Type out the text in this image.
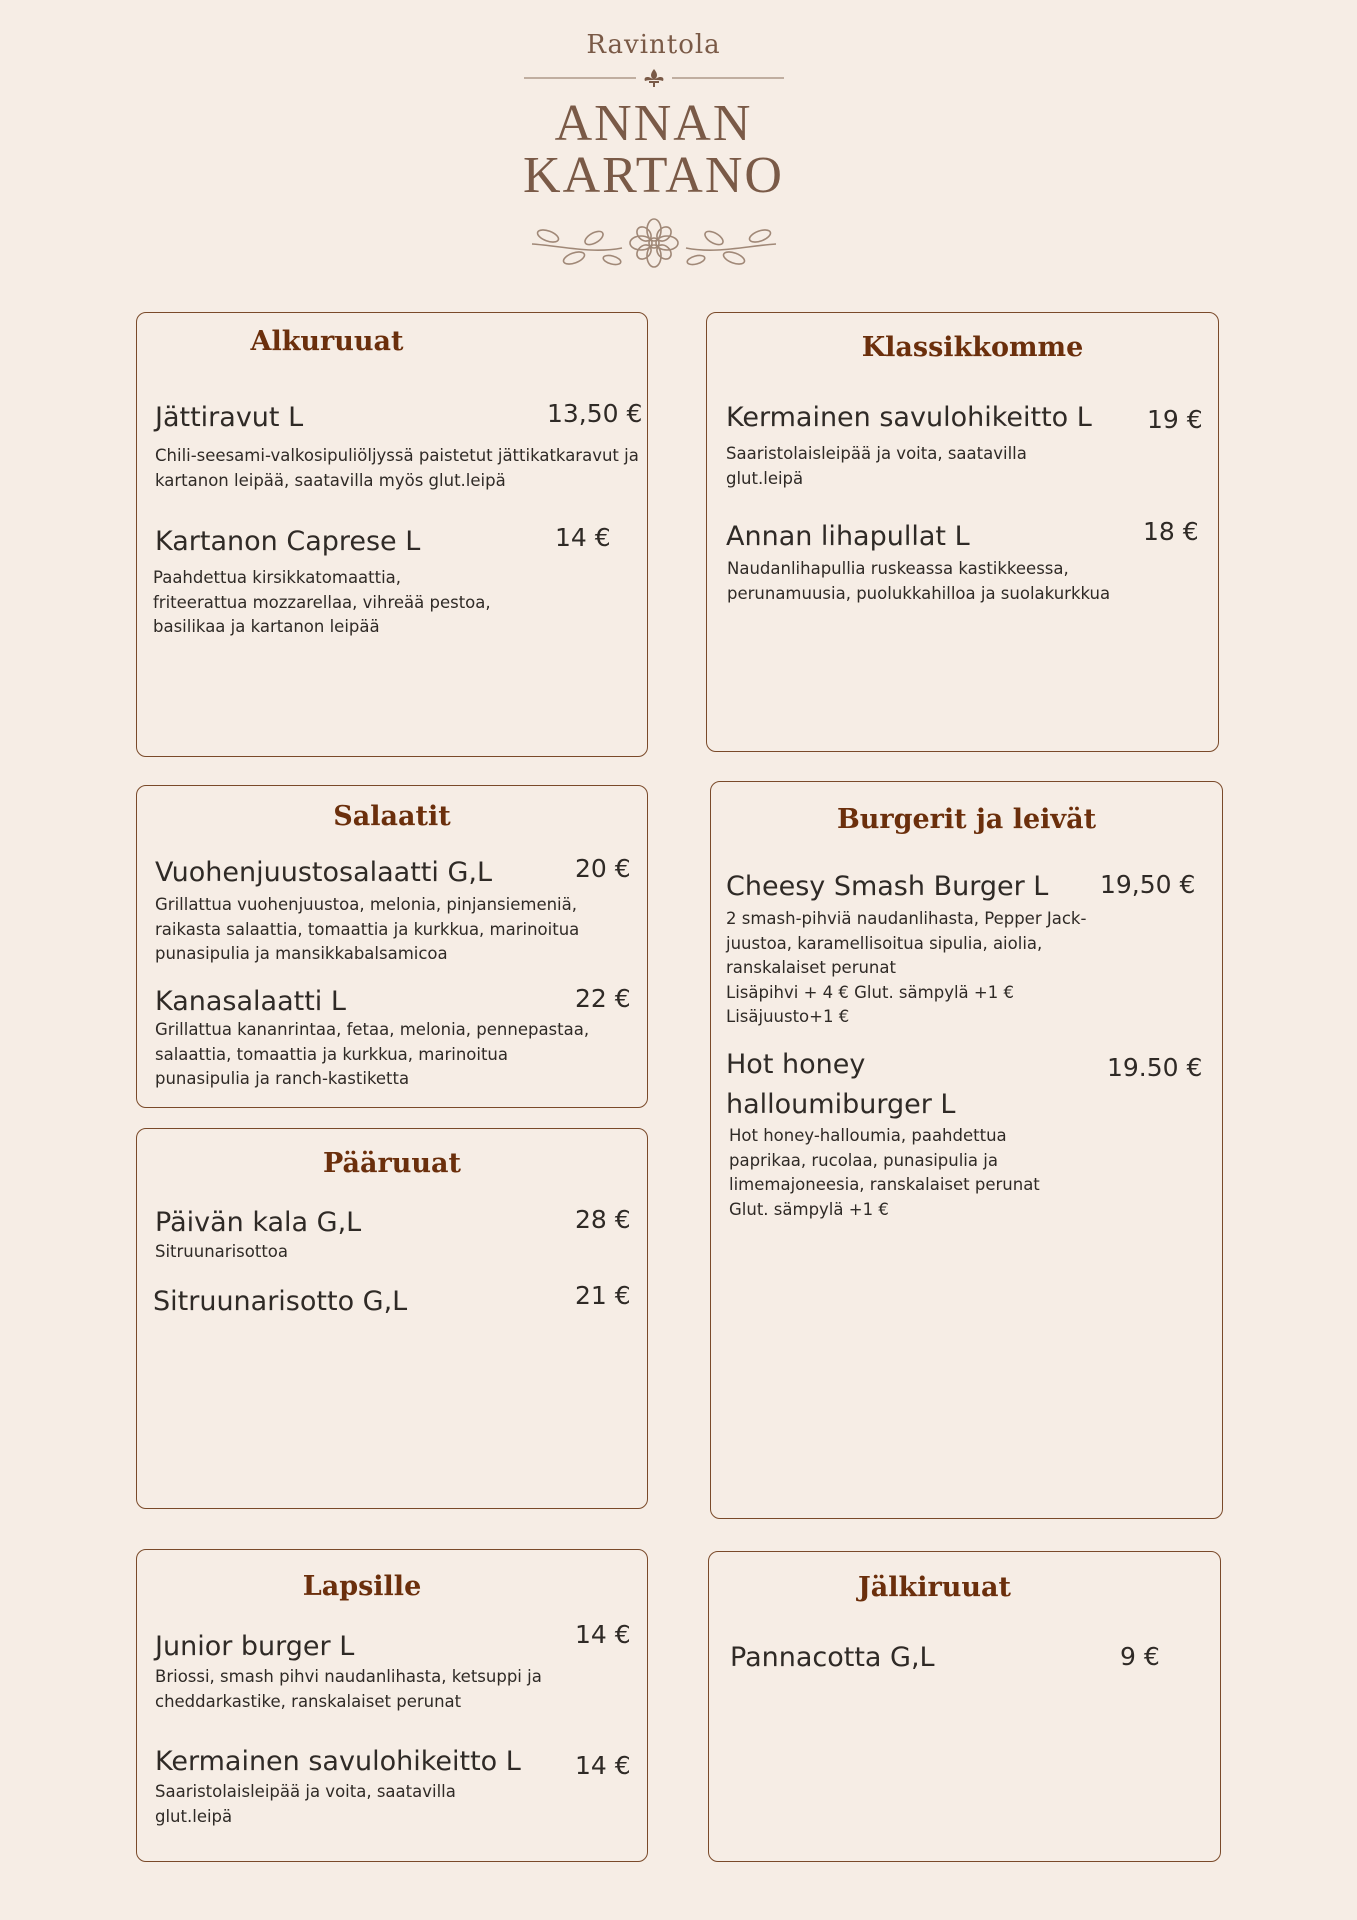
Ravintola
ANNAN
KARTANO
Alkuruuat
Jättiravut L	13,50 €
Chili-seesami-valkosipuliöljyssä paistetut jättikatkaravut ja
kartanon leipää, saatavilla myös glut.leipä
Kartanon Caprese L	14 €
Paahdettua kirsikkatomaattia,
friteerattua mozzarellaa, vihreää pestoa,
basilikaa ja kartanon leipää
Klassikkomme
Kermainen savulohikeitto L 19 €
Saaristolaisleipää ja voita, saatavilla
glut.leipä
Annan lihapullat L	18 €
Naudanlihapullia ruskeassa kastikkeessa,
perunamuusia, puolukkahilloa ja suolakurkkua
Salaatit
Vuohenjuustosalaatti G,L	20 €
Grillattua vuohenjuustoa, melonia, pinjansiemeniä,
raikasta salaattia, tomaattia ja kurkkua, marinoitua
punasipulia ja mansikkabalsamicoa
Kanasalaatti L	22 €
Grillattua kananrintaa, fetaa, melonia, pennepastaa,
salaattia, tomaattia ja kurkkua, marinoitua
punasipulia ja ranch-kastiketta
Burgerit ja leivät
Cheesy Smash Burger L 19,50 €
2 smash-pihviä naudanlihasta, Pepper Jack-
juustoa, karamellisoitua sipulia, aiolia,
ranskalaiset perunat
Lisäpihvi + 4 € Glut. sämpylä +1 €
Lisäjuusto+1 €
Hot honey
halloumiburger L
19.50 €
Hot honey-halloumia, paahdettua
paprikaa, rucolaa, punasipulia ja
limemajoneesia, ranskalaiset perunat
Glut. sämpylä +1 €
Pääruuat
Päivän kala G,L	28 €
Sitruunarisottoa
Sitruunarisotto G,L	21 €
Lapsille
Junior burger L	14 €
Briossi, smash pihvi naudanlihasta, ketsuppi ja
cheddarkastike, ranskalaiset perunat
Kermainen savulohikeitto L 14 €
Saaristolaisleipää ja voita, saatavilla
glut.leipä
Jälkiruuat
Pannacotta G,L	9 €
